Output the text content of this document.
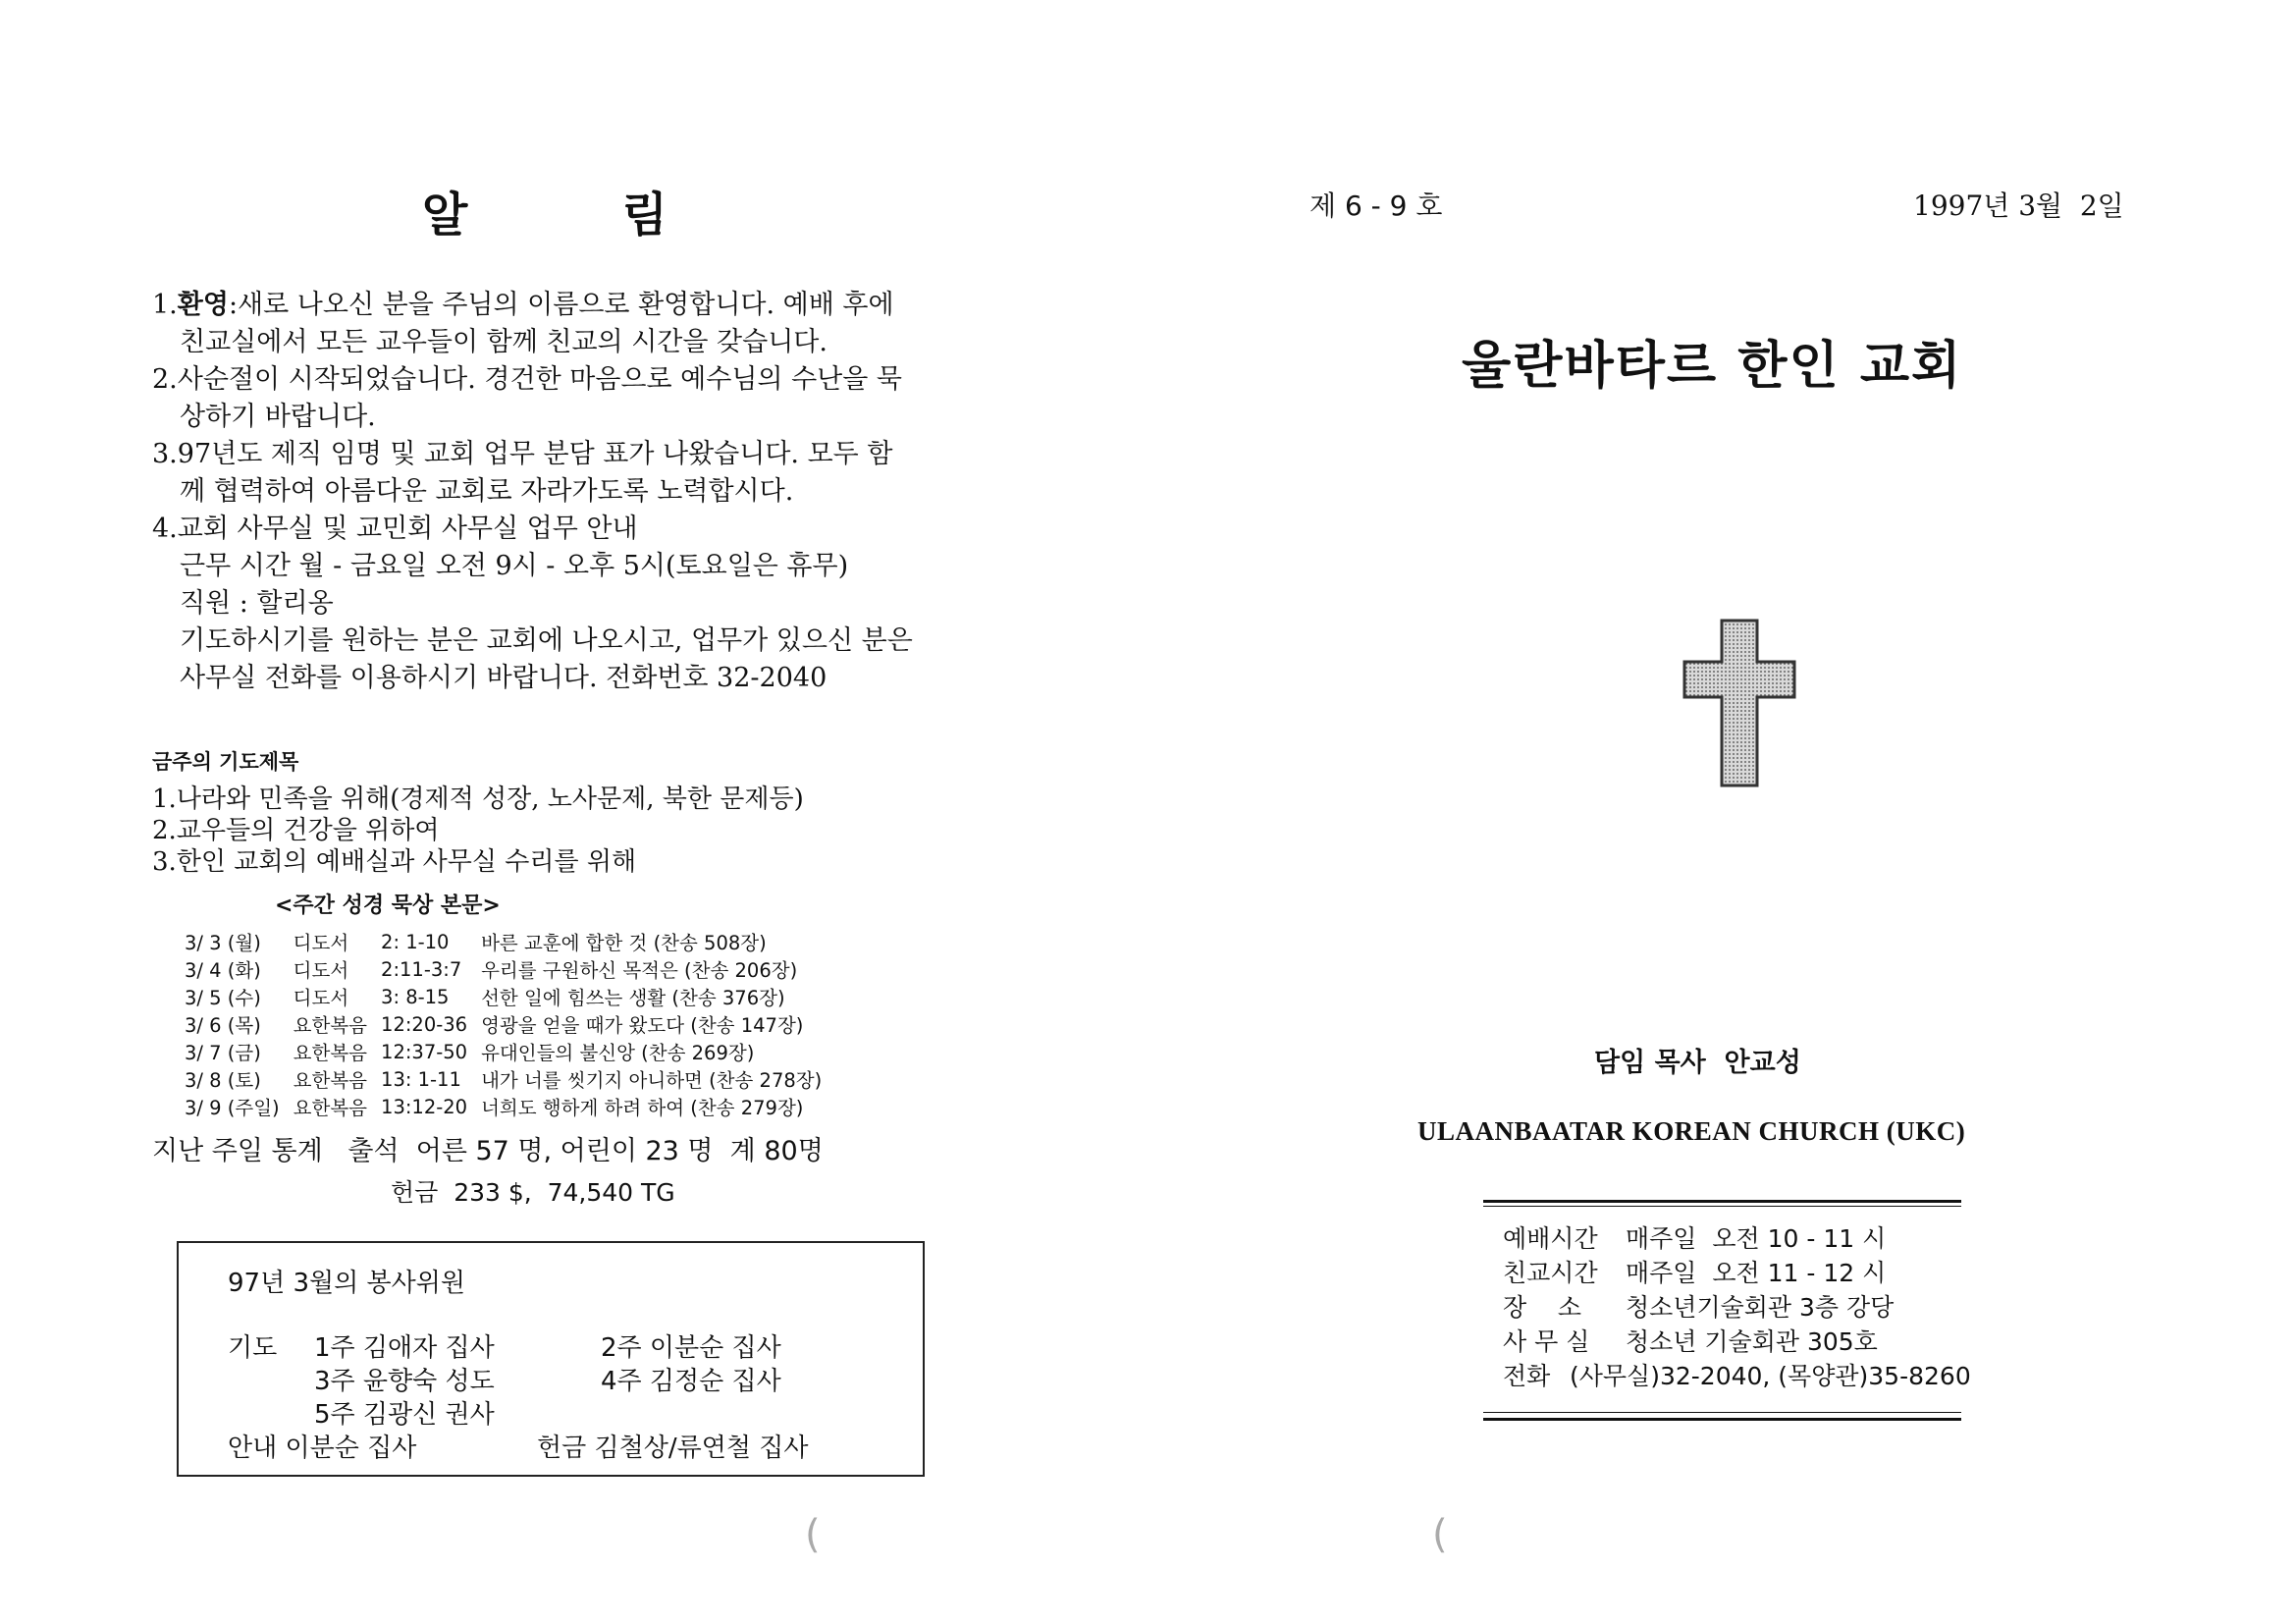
알	림
1.환영:새로 나오신 분을 주님의 이름으로 환영합니다. 예배 후에
친교실에서 모든 교우들이 함께 친교의 시간을 갖습니다.
2.사순절이 시작되었습니다. 경건한 마음으로 예수님의 수난을 묵
상하기 바랍니다.
3.97년도 제직 임명 및 교회 업무 분담 표가 나왔습니다. 모두 함
께 협력하여 아름다운 교회로 자라가도록 노력합시다.
4.교회 사무실 및 교민회 사무실 업무 안내
근무 시간 월 - 금요일 오전 9시 - 오후 5시(토요일은 휴무)
직원 : 할리옹
기도하시기를 원하는 분은 교회에 나오시고, 업무가 있으신 분은
사무실 전화를 이용하시기 바랍니다. 전화번호 32-2040
금주의 기도제목
1.나라와 민족을 위해(경제적 성장, 노사문제, 북한 문제등)
2.교우들의 건강을 위하여
3.한인 교회의 예배실과 사무실 수리를 위해
<주간 성경 묵상 본문>
3/ 3 (월)	디도서	2: 1-10	바른 교훈에 합한 것 (찬송 508장)
3/ 4 (화)	디도서	2:11-3:7	우리를 구원하신 목적은 (찬송 206장)
3/ 5 (수)	디도서	3: 8-15	선한 일에 힘쓰는 생활 (찬송 376장)
3/ 6 (목)	요한복음	12:20-36	영광을 얻을 때가 왔도다 (찬송 147장)
3/ 7 (금)	요한복음	12:37-50	유대인들의 불신앙 (찬송 269장)
3/ 8 (토)	요한복음	13: 1-11	내가 너를 씻기지 아니하면 (찬송 278장)
3/ 9 (주일)	요한복음	13:12-20	너희도 행하게 하려 하여 (찬송 279장)
지난 주일 통계   출석  어른 57 명, 어린이 23 명  계 80명
헌금  233 $,  74,540 TG
97년 3월의 봉사위원
기도 1주 김애자 집사	2주 이분순 집사
3주 윤향숙 성도	4주 김정순 집사
5주 김광신 권사
안내 이분순 집사	헌금 김철상/류연철 집사
(
제 6 - 9 호	1997년 3월  2일
울란바타르 한인 교회
담임 목사  안교성
ULAANBAATAR KOREAN CHURCH (UKC)
예배시간 매주일  오전 10 - 11 시
친교시간 매주일  오전 11 - 12 시
장    소 청소년기술회관 3층 강당
사 무 실 청소년 기술회관 305호
전화 (사무실)32-2040, (목양관)35-8260
(
